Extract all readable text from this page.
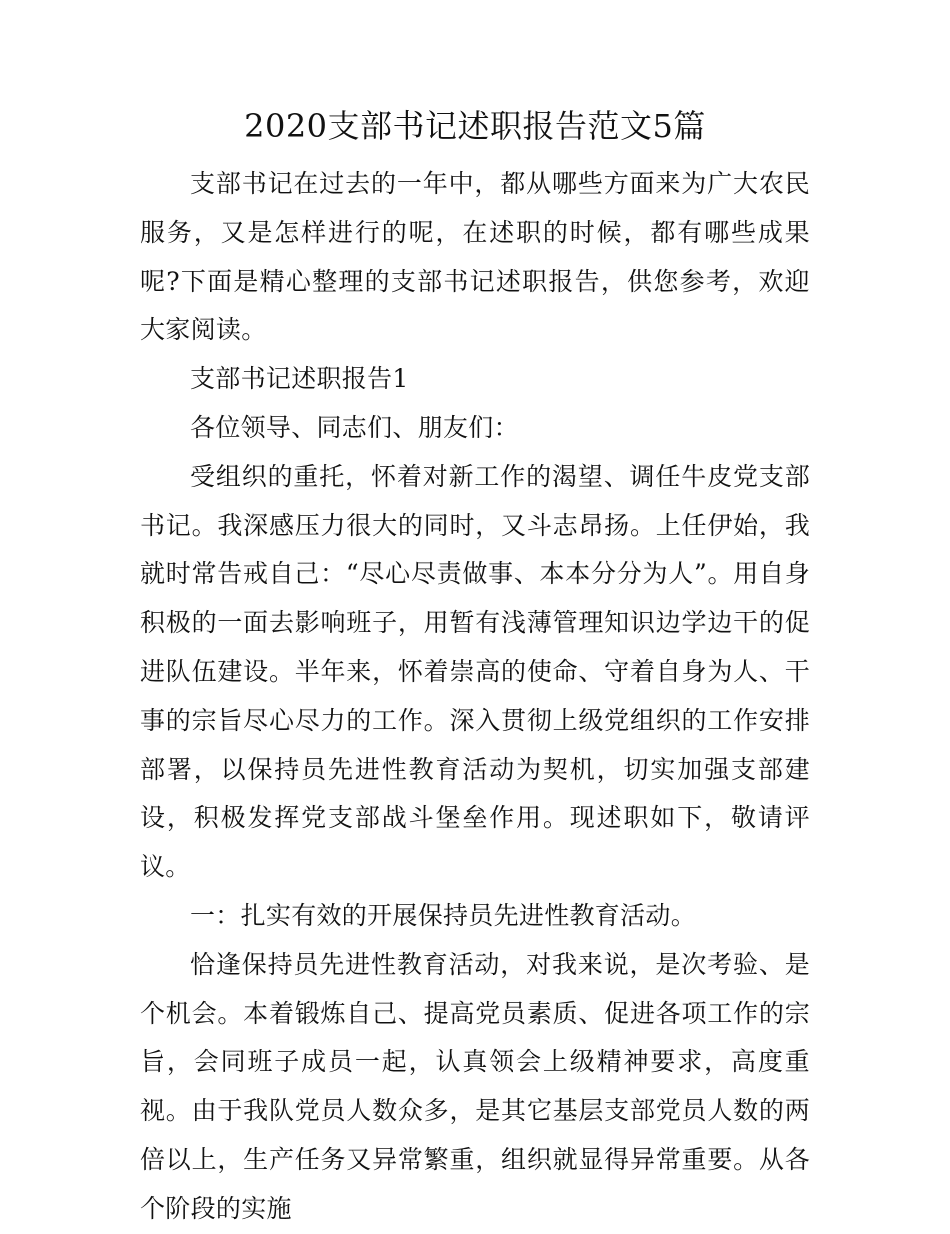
2020支部书记述职报告范文5篇

支部书记在过去的一年中，都从哪些方面来为广大农民服务，又是怎样进行的呢，在述职的时候，都有哪些成果呢?下面是精心整理的支部书记述职报告，供您参考，欢迎大家阅读。

支部书记述职报告1

各位领导、同志们、朋友们：

受组织的重托，怀着对新工作的渴望、调任牛皮党支部书记。我深感压力很大的同时，又斗志昂扬。上任伊始，我就时常告戒自己：“尽心尽责做事、本本分分为人”。用自身积极的一面去影响班子，用暂有浅薄管理知识边学边干的促进队伍建设。半年来，怀着崇高的使命、守着自身为人、干事的宗旨尽心尽力的工作。深入贯彻上级党组织的工作安排部署，以保持员先进性教育活动为契机，切实加强支部建设，积极发挥党支部战斗堡垒作用。现述职如下，敬请评议。

一：扎实有效的开展保持员先进性教育活动。

恰逢保持员先进性教育活动，对我来说，是次考验、是个机会。本着锻炼自己、提高党员素质、促进各项工作的宗旨，会同班子成员一起，认真领会上级精神要求，高度重视。由于我队党员人数众多，是其它基层支部党员人数的两倍以上，生产任务又异常繁重，组织就显得异常重要。从各个阶段的实施
